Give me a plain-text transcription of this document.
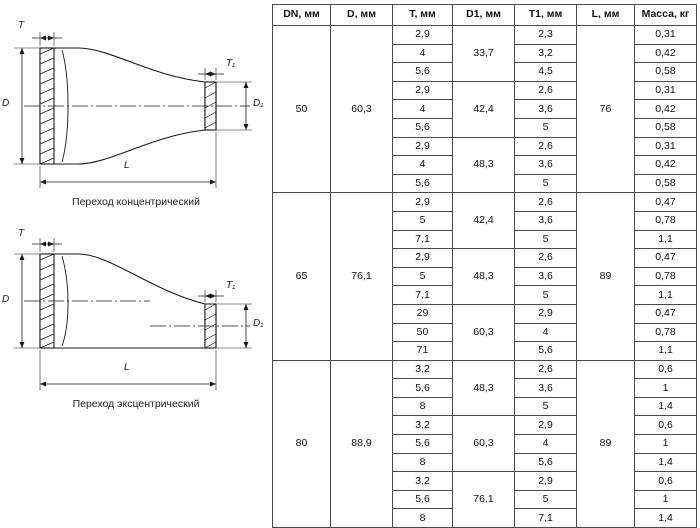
D	D₁
T
T₁
L
Переход концентрический
D
D₁
T
T₁
L
Переход эксцентрический
DN, мм	D, мм	T, мм	D1, мм	T1, мм	L, мм	Масса, кг
50	60,3	2,9	33,7	2,3	76	0,31
		4		3,2		0,42
		5,6		4,5		0,58
		2,9	42,4	2,6		0,31
		4		3,6		0,42
		5,6		5		0,58
		2,9	48,3	2,6		0,31
		4		3,6		0,42
		5,6		5		0,58
65	76,1	2,9	42,4	2,6	89	0,47
		5		3,6		0,78
		7,1		5		1,1
		2,9	48,3	2,6		0,47
		5		3,6		0,78
		7,1		5		1,1
		29	60,3	2,9		0,47
		50		4		0,78
		71		5,6		1,1
80	88,9	3,2	48,3	2,6	89	0,6
		5,6		3,6		1
		8		5		1,4
		3,2	60,3	2,9		0,6
		5,6		4		1
		8		5,6		1,4
		3,2	76,1	2,9		0,6
		5,6		5		1
		8		7,1		1,4
